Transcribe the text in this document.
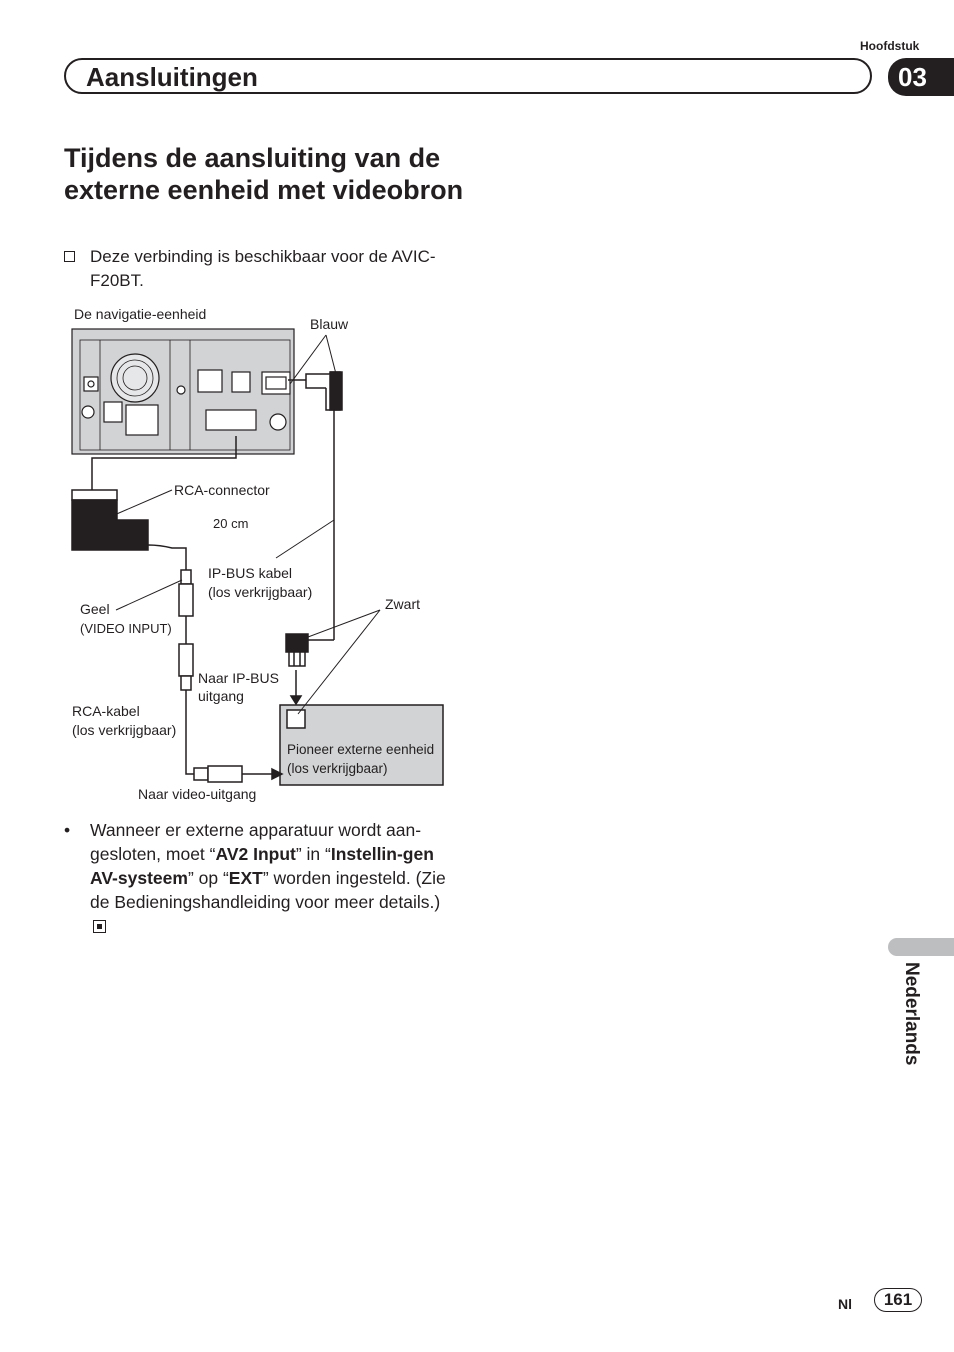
Hoofdstuk
Aansluitingen	03
Tijdens de aansluiting van de externe eenheid met videobron
Deze verbinding is beschikbaar voor de AVIC-F20BT.
De navigatie-eenheid
Blauw
RCA-connector
20 cm
IP-BUS kabel
(los verkrijgbaar)
Geel
(VIDEO INPUT)
Zwart
Naar IP-BUS
uitgang
RCA-kabel
(los verkrijgbaar)
Pioneer externe eenheid
(los verkrijgbaar)
Naar video-uitgang
• Wanneer er externe apparatuur wordt aan-gesloten, moet “AV2 Input” in “Instellin-gen AV-systeem” op “EXT” worden ingesteld. (Zie de Bedieningshandleiding voor meer details.)
Nederlands
Nl	161
